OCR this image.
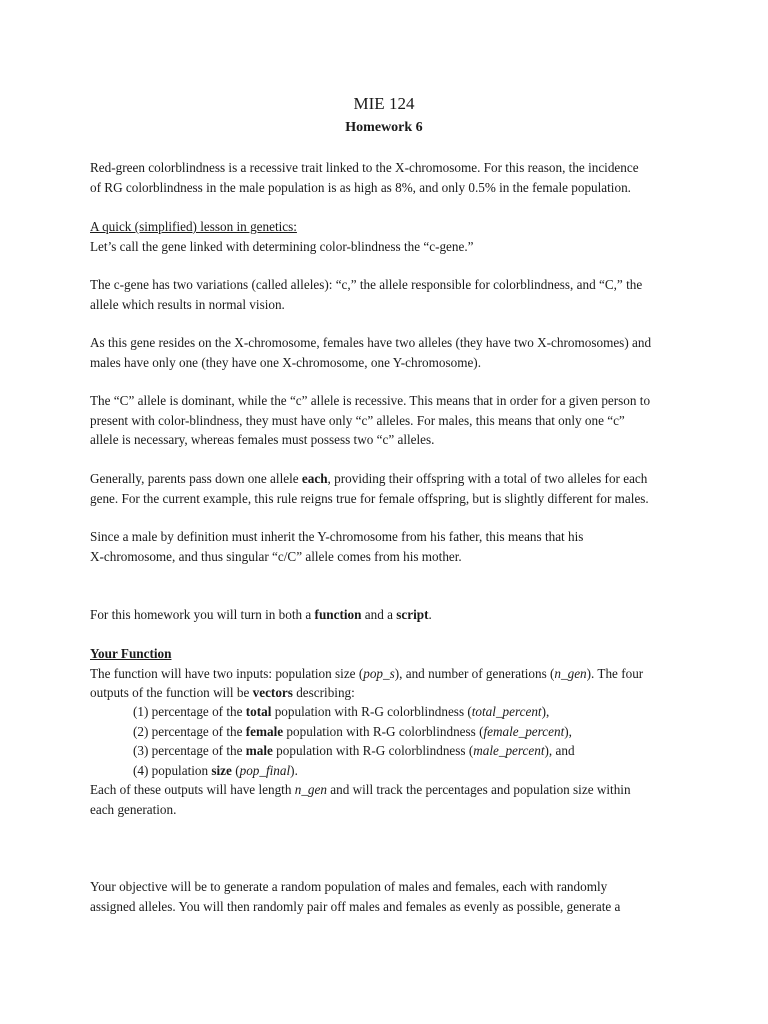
MIE 124
Homework 6

Red-green colorblindness is a recessive trait linked to the X-chromosome. For this reason, the incidence
of RG colorblindness in the male population is as high as 8%, and only 0.5% in the female population.

A quick (simplified) lesson in genetics:
Let’s call the gene linked with determining color-blindness the “c-gene.”

The c-gene has two variations (called alleles): “c,” the allele responsible for colorblindness, and “C,” the
allele which results in normal vision.

As this gene resides on the X-chromosome, females have two alleles (they have two X-chromosomes) and
males have only one (they have one X-chromosome, one Y-chromosome).

The “C” allele is dominant, while the “c” allele is recessive. This means that in order for a given person to
present with color-blindness, they must have only “c” alleles. For males, this means that only one “c”
allele is necessary, whereas females must possess two “c” alleles.

Generally, parents pass down one allele each, providing their offspring with a total of two alleles for each
gene. For the current example, this rule reigns true for female offspring, but is slightly different for males.

Since a male by definition must inherit the Y-chromosome from his father, this means that his
X-chromosome, and thus singular “c/C” allele comes from his mother.

For this homework you will turn in both a function and a script.

Your Function
The function will have two inputs: population size (pop_s), and number of generations (n_gen). The four
outputs of the function will be vectors describing:

(1) percentage of the total population with R-G colorblindness (total_percent),
(2) percentage of the female population with R-G colorblindness (female_percent),
(3) percentage of the male population with R-G colorblindness (male_percent), and
(4) population size (pop_final).

Each of these outputs will have length n_gen and will track the percentages and population size within
each generation.

Your objective will be to generate a random population of males and females, each with randomly
assigned alleles. You will then randomly pair off males and females as evenly as possible, generate a
